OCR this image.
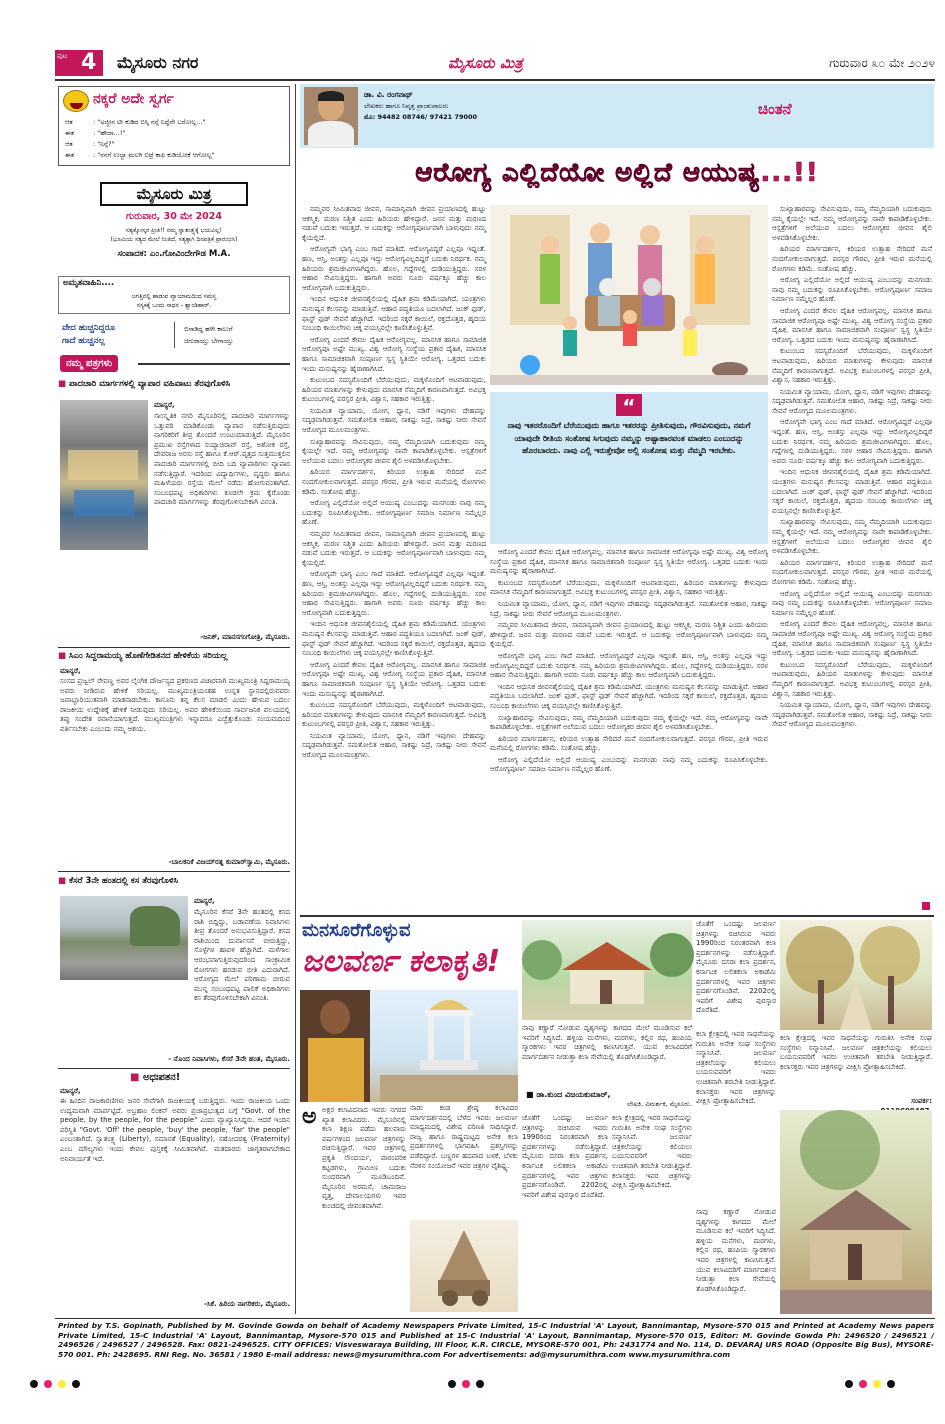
ಪುಟ 4 ಮೈಸೂರು ನಗರ	ಮೈಸೂರು ಮಿತ್ರ	ಗುರುವಾರ ೩೦ ಮೇ ೨೦೨೪
ನಕ್ಕರೆ ಅದೇ ಸ್ವರ್ಗ
ಆತ	: "ಅಜ್ಜೀನ ಟೀ ಕುಡಿದ ಬಿಸ್ಕಿ ನನ್ಗೆ ನಿದ್ದೆನೇ ಬರೋಲ್ಲ..."
ಈತ	: "ಹೌದಾ...!"
ಆತ	: "ನಿನ್ಗೆ?"
ಈತ	: "ನನಗೆ ಉಲ್ಟಾ ಮಲಗಿ ಬಿಟ್ರೆ ಕಾಫಿ ಕುಡಿಯೋಕೆ ಆಗೋಲ್ಲ"
ಮೈಸೂರು ಮಿತ್ರ
ಗುರುವಾರ, 30 ಮೇ 2024
ಸತ್ಯಕ್ಕೋಸ್ಕರ ಪ್ರೀತಿ!! ನಮ್ಮ ಸ್ವಾತಂತ್ರ್ಯಕ್ಕೆ ಭಯವಿಲ್ಲ!
(ಭೂಮಿಯ ಸತ್ಯದ ಮೇಲೆ ನಿಂತಿದೆ, ಸತ್ಯಕ್ಕಾಗಿ ದಿನಪತ್ರಿಕೆ ಪ್ರಾರಂಭಿಸಿ)
ಸಂಪಾದಕ: ಎಂ.ಗೋವಿಂದೇಗೌಡ M.A.
ಅಮೃತವಾಹಿನಿ....
ಜಗತ್ತಿನಲ್ಲಿ ಹಾಡುವ ವ್ಯಾಯಾಮದಿಂದ ಸಮಸ್ತ
ಸಸ್ಯಕಕ್ಕೆ ಒಂದು ಸಾಧನ - ಶ್ವಾಂಡಿಹಾರ್.
ವೇದ ಹುಚ್ಚನಿದ್ದರೂ
ಗಾದೆ ಹುಚ್ಚನಲ್ಲ
ಬಿಸಾಡಿದ್ದ ಹಳೇ ಕಾಲುಗೆ
ಚಿಗುರಾಯ್ತು ಬೇಗಾಯ್ತು
ನಮ್ಮ ಪತ್ರಗಳು
■ ಪಾದಚಾರಿ ಮಾರ್ಗಗಳಲ್ಲಿ ವ್ಯಾಪಾರ ವಹಿವಾಟು ತೆರವುಗೊಳಿಸಿ
ಮಾನ್ಯರೆ,
ಸಾಂಸ್ಕೃತಿಕ ನಗರಿ ಮೈಸೂರಿನಲ್ಲಿ ಪಾದಚಾರಿ ಮಾರ್ಗಗಳನ್ನು ಒತ್ತುವರಿ ಮಾಡಿಕೊಂಡು ವ್ಯಾಪಾರ ನಡೆಸುತ್ತಿರುವುದು ನಾಗರಿಕರಿಗೆ ತೀವ್ರ ತೊಂದರೆ ಉಂಟುಮಾಡುತ್ತಿದೆ. ಮೈಸೂರಿನ ಪ್ರಮುಖ ರಸ್ತೆಗಳಾದ ಸಯ್ಯಾಜಿರಾವ್ ರಸ್ತೆ, ಅಶೋಕ ರಸ್ತೆ, ದೇವರಾಜ ಅರಸು ರಸ್ತೆ ಹಾಗೂ ಕೆ.ಆರ್.ವೃತ್ತದ ಸುತ್ತಮುತ್ತಲಿನ ಪಾದಚಾರಿ ಮಾರ್ಗಗಳಲ್ಲಿ ಬೀದಿ ಬದಿ ವ್ಯಾಪಾರಿಗಳು ವ್ಯಾಪಾರ ನಡೆಸುತ್ತಿದ್ದಾರೆ. ಇದರಿಂದ ವಿದ್ಯಾರ್ಥಿಗಳು, ವೃದ್ಧರು ಹಾಗೂ ಮಹಿಳೆಯರು ರಸ್ತೆಯ ಮೇಲೆ ನಡೆದು ಹೋಗುವಂತಾಗಿದೆ. ಸಂಬಂಧಪಟ್ಟ ಅಧಿಕಾರಿಗಳು ಕೂಡಲೇ ಕ್ರಮ ಕೈಗೊಂಡು ಪಾದಚಾರಿ ಮಾರ್ಗಗಳನ್ನು ತೆರವುಗೊಳಿಸಬೇಕಾಗಿ ವಿನಂತಿ.
-ಜನಿಕ್, ಮಾನಸಗಂಗೋತ್ರಿ, ಮೈಸೂರು.
■ ಸಿಎಂ ಸಿದ್ದರಾಮಯ್ಯ ಹೊಣೆಗೇಡಿತನದ ಹೇಳಿಕೆಯ ಸರಿಯಲ್ಲ
ಮಾನ್ಯರೆ,
ಸಂಸದ ಪ್ರಜ್ವಲ್ ರೇವಣ್ಣ ಅವರ ಲೈಂಗಿಕ ದೌರ್ಜನ್ಯದ ಪ್ರಕರಣದ ವಿಚಾರವಾಗಿ ಮುಖ್ಯಮಂತ್ರಿ ಸಿದ್ದರಾಮಯ್ಯ ಅವರು ನೀಡಿರುವ ಹೇಳಿಕೆ ಸರಿಯಲ್ಲ. ಮುಖ್ಯಮಂತ್ರಿಯಂತಹ ಉನ್ನತ ಸ್ಥಾನದಲ್ಲಿರುವವರು ಜವಾಬ್ದಾರಿಯುತವಾಗಿ ಮಾತನಾಡಬೇಕು. ಕಾನೂನು ತನ್ನ ಕೆಲಸ ಮಾಡಲಿ ಎಂದು ಹೇಳುವ ಬದಲು ರಾಜಕೀಯ ಉದ್ದೇಶಕ್ಕೆ ಹೇಳಿಕೆ ನೀಡುವುದು ಸರಿಯಲ್ಲ. ಅವರ ಹೇಳಿಕೆಯಿಂದ ಸಾರ್ವಜನಿಕ ವಲಯದಲ್ಲಿ ತಪ್ಪು ಸಂದೇಶ ರವಾನೆಯಾಗುತ್ತದೆ. ಮುಖ್ಯಮಂತ್ರಿಗಳು ಇನ್ನಾದರೂ ಎಚ್ಚೆತ್ತುಕೊಂಡು ಸಂಯಮದಿಂದ ವರ್ತಿಸಬೇಕು ಎಂಬುದು ನಮ್ಮ ಆಶಯ.
-ಬಾಲಕನಿಕೆ ವಿಜಯ್‌ರತ್ನ ಕುಮಾರ್‌ಸ್ವಾಮಿ, ಮೈಸೂರು.
■ ಕೆಸರೆ 3ನೇ ಹಂತದಲ್ಲಿ ಕಸ ತೆರವುಗೊಳಿಸಿ
ಮಾನ್ಯರೆ,
ಮೈಸೂರಿನ ಕೆಸರೆ 3ನೇ ಹಂತದಲ್ಲಿ ಕಸದ ರಾಶಿ ಬಿದ್ದಿದ್ದು, ಬಡಾವಣೆಯ ನಿವಾಸಿಗಳು ತೀವ್ರ ತೊಂದರೆ ಅನುಭವಿಸುತ್ತಿದ್ದಾರೆ. ಕಸದ ರಾಶಿಯಿಂದ ದುರ್ವಾಸನೆ ಬೀರುತ್ತಿದ್ದು, ಸೊಳ್ಳೆಗಳ ಹಾವಳಿ ಹೆಚ್ಚಾಗಿದೆ. ಮಳೆಗಾಲ ಆರಂಭವಾಗುತ್ತಿರುವುದರಿಂದ ಸಾಂಕ್ರಾಮಿಕ ರೋಗಗಳು ಹರಡುವ ಭೀತಿ ಎದುರಾಗಿದೆ. ಆರೋಗ್ಯದ ಮೇಲೆ ಪರಿಣಾಮ ಬೀರುವ ಮುನ್ನ ಸಂಬಂಧಪಟ್ಟ ಪಾಲಿಕೆ ಅಧಿಕಾರಿಗಳು ಕಸ ತೆರವುಗೊಳಿಸಬೇಕಾಗಿ ವಿನಂತಿ.
- ನೊಂದ ನಿವಾಸಿಗಳು, ಕೆಸರೆ 3ನೇ ಹಂತ, ಮೈಸೂರು.
■ ಅಧಃಪತನ!
ಮಾನ್ಯರೆ,
ಈ ಹಿಂದಿನ ರಾಜಕಾರಣಿಗಳು ಜನರ ಸೇವೆಗಾಗಿ ರಾಜಕೀಯಕ್ಕೆ ಬರುತ್ತಿದ್ದರು. ಇಂದು ರಾಜಕೀಯ ಒಂದು ಉದ್ಯಮವಾಗಿ ಮಾರ್ಪಟ್ಟಿದೆ. ಅಬ್ರಹಾಂ ಲಿಂಕನ್ ಅವರು ಪ್ರಜಾಪ್ರಭುತ್ವದ ಬಗ್ಗೆ "Govt. of the people, by the people, for the people" ಎಂದು ವ್ಯಾಖ್ಯಾನಿಸಿದ್ದರು. ಆದರೆ ಇಂದಿನ ಪರಿಸ್ಥಿತಿ "Govt. 'Off' the people, 'buy' the people, 'far' the people" ಎಂಬಂತಾಗಿದೆ. ಸ್ವಾತಂತ್ರ್ಯ (Liberty), ಸಮಾನತೆ (Equality), ಸಹೋದರತ್ವ (Fraternity) ಎಂಬ ಮೌಲ್ಯಗಳು ಇಂದು ಕೇವಲ ಪುಸ್ತಕಕ್ಕೆ ಸೀಮಿತವಾಗಿವೆ. ಮತದಾರರು ಜಾಗೃತರಾಗಬೇಕಾದ ಅನಿವಾರ್ಯತೆ ಇದೆ.
-ಸಿಕೆ. ಹಿರಿಯ ನಾಗರಿಕರು, ಮೈಸೂರು.
ಡಾ. ವಿ. ರಂಗನಾಥ್
ಲೇಖಕರು ಹಾಗೂ ನಿವೃತ್ತ ಪ್ರಾಂಶುಪಾಲರು
ಮೊ: 94482 08746/ 97421 79000	ಚಿಂತನೆ
ಆರೋಗ್ಯ ಎಲ್ಲಿದೆಯೋ ಅಲ್ಲಿದೆ ಆಯುಷ್ಯ...!!

ನಮ್ಮವರ ಸೀಮಿತವಾದ ಜೀವನ, ಸಾಮಾನ್ಯವಾಗಿ ಜೀವನ ಪ್ರಯಾಣದಲ್ಲಿ ಹುಟ್ಟು ಆಕಸ್ಮಿಕ, ಮರಣ ನಿಶ್ಚಿತ ಎಂದು ಹಿರಿಯರು ಹೇಳಿದ್ದಾರೆ. ಜನನ ಮತ್ತು ಮರಣದ ನಡುವೆ ಬದುಕು ಇರುತ್ತದೆ. ಆ ಬದುಕನ್ನು ಆರೋಗ್ಯಪೂರ್ಣವಾಗಿ ಬಾಳುವುದು ನಮ್ಮ ಕೈಯಲ್ಲಿದೆ.

ಆರೋಗ್ಯವೇ ಭಾಗ್ಯ ಎಂಬ ಗಾದೆ ಮಾತಿದೆ. ಆರೋಗ್ಯವಿದ್ದರೆ ಎಲ್ಲವೂ ಇದ್ದಂತೆ. ಹಣ, ಆಸ್ತಿ, ಅಂತಸ್ತು ಎಲ್ಲವೂ ಇದ್ದು ಆರೋಗ್ಯವಿಲ್ಲದಿದ್ದರೆ ಬದುಕು ನಿರರ್ಥಕ. ನಮ್ಮ ಹಿರಿಯರು ಶ್ರಮಜೀವಿಗಳಾಗಿದ್ದರು. ಹೊಲ, ಗದ್ದೆಗಳಲ್ಲಿ ದುಡಿಯುತ್ತಿದ್ದರು. ಸರಳ ಆಹಾರ ಸೇವಿಸುತ್ತಿದ್ದರು. ಹಾಗಾಗಿ ಅವರು ನೂರು ವರ್ಷಕ್ಕೂ ಹೆಚ್ಚು ಕಾಲ ಆರೋಗ್ಯವಾಗಿ ಬದುಕುತ್ತಿದ್ದರು.

ಇಂದಿನ ಆಧುನಿಕ ಜೀವನಶೈಲಿಯಲ್ಲಿ ದೈಹಿಕ ಶ್ರಮ ಕಡಿಮೆಯಾಗಿದೆ. ಯಂತ್ರಗಳು ಮನುಷ್ಯನ ಕೆಲಸವನ್ನು ಮಾಡುತ್ತಿವೆ. ಆಹಾರ ಪದ್ಧತಿಯೂ ಬದಲಾಗಿದೆ. ಜಂಕ್ ಫುಡ್, ಫಾಸ್ಟ್ ಫುಡ್ ಸೇವನೆ ಹೆಚ್ಚಾಗಿದೆ. ಇದರಿಂದ ಸಕ್ಕರೆ ಕಾಯಿಲೆ, ರಕ್ತದೊತ್ತಡ, ಹೃದಯ ಸಂಬಂಧಿ ಕಾಯಿಲೆಗಳು ಚಿಕ್ಕ ವಯಸ್ಸಿನಲ್ಲೇ ಕಾಣಿಸಿಕೊಳ್ಳುತ್ತಿವೆ.

ಆರೋಗ್ಯ ಎಂದರೆ ಕೇವಲ ದೈಹಿಕ ಆರೋಗ್ಯವಲ್ಲ. ಮಾನಸಿಕ ಹಾಗೂ ಸಾಮಾಜಿಕ ಆರೋಗ್ಯವೂ ಅಷ್ಟೇ ಮುಖ್ಯ. ವಿಶ್ವ ಆರೋಗ್ಯ ಸಂಸ್ಥೆಯ ಪ್ರಕಾರ ದೈಹಿಕ, ಮಾನಸಿಕ ಹಾಗೂ ಸಾಮಾಜಿಕವಾಗಿ ಸಂಪೂರ್ಣ ಸ್ವಸ್ಥ ಸ್ಥಿತಿಯೇ ಆರೋಗ್ಯ. ಒತ್ತಡದ ಬದುಕು ಇಂದು ಮನುಷ್ಯನನ್ನು ಹೈರಾಣಾಗಿಸಿದೆ.

ಕುಟುಂಬದ ಸದಸ್ಯರೊಂದಿಗೆ ಬೆರೆಯುವುದು, ಮಕ್ಕಳೊಂದಿಗೆ ಆಟವಾಡುವುದು, ಹಿರಿಯರ ಮಾತುಗಳನ್ನು ಕೇಳುವುದು ಮಾನಸಿಕ ನೆಮ್ಮದಿಗೆ ಕಾರಣವಾಗುತ್ತದೆ. ಅವಿಭಕ್ತ ಕುಟುಂಬಗಳಲ್ಲಿ ಪರಸ್ಪರ ಪ್ರೀತಿ, ವಿಶ್ವಾಸ, ಸಹಕಾರ ಇರುತ್ತಿತ್ತು.

ನಿಯಮಿತ ವ್ಯಾಯಾಮ, ಯೋಗ, ಧ್ಯಾನ, ನಡಿಗೆ ಇವುಗಳು ದೇಹವನ್ನು ಸದೃಢವಾಗಿಡುತ್ತವೆ. ಸಮತೋಲಿತ ಆಹಾರ, ಸಾಕಷ್ಟು ನಿದ್ರೆ, ಸಾಕಷ್ಟು ನೀರು ಸೇವನೆ ಆರೋಗ್ಯದ ಮೂಲಮಂತ್ರಗಳು.

ಸುಖ್ಯಾಹಾರವನ್ನು ಸೇವಿಸುವುದು, ನಮ್ಮ ನೆಮ್ಮದಿಯಾಗಿ ಬದುಕುವುದು ನಮ್ಮ ಕೈಯಲ್ಲೇ ಇದೆ. ನಮ್ಮ ಆರೋಗ್ಯವನ್ನು ನಾವೇ ಕಾಪಾಡಿಕೊಳ್ಳಬೇಕು. ಆಸ್ಪತ್ರೆಗಳಿಗೆ ಅಲೆಯುವ ಬದಲು ಆರೋಗ್ಯಕರ ಜೀವನ ಶೈಲಿ ಅಳವಡಿಸಿಕೊಳ್ಳಬೇಕು.

ಹಿರಿಯರ ಮಾರ್ಗದರ್ಶನ, ಕಿರಿಯರ ಉತ್ಸಾಹ ಸೇರಿದರೆ ಮನೆ ನಂದಗೋಕುಲವಾಗುತ್ತದೆ. ಪರಸ್ಪರ ಗೌರವ, ಪ್ರೀತಿ ಇರುವ ಮನೆಯಲ್ಲಿ ರೋಗಗಳು ಕಡಿಮೆ. ಸಂತೋಷ ಹೆಚ್ಚು.

ಆರೋಗ್ಯ ಎಲ್ಲಿದೆಯೋ ಅಲ್ಲಿದೆ ಆಯುಷ್ಯ ಎಂಬುದನ್ನು ಮನಗಂಡು ನಾವು ನಮ್ಮ ಬದುಕನ್ನು ರೂಪಿಸಿಕೊಳ್ಳಬೇಕು. ಆರೋಗ್ಯಪೂರ್ಣ ಸಮಾಜ ನಿರ್ಮಾಣ ನಮ್ಮೆಲ್ಲರ ಹೊಣೆ.

ನಮ್ಮವರ ಸೀಮಿತವಾದ ಜೀವನ, ಸಾಮಾನ್ಯವಾಗಿ ಜೀವನ ಪ್ರಯಾಣದಲ್ಲಿ ಹುಟ್ಟು ಆಕಸ್ಮಿಕ, ಮರಣ ನಿಶ್ಚಿತ ಎಂದು ಹಿರಿಯರು ಹೇಳಿದ್ದಾರೆ. ಜನನ ಮತ್ತು ಮರಣದ ನಡುವೆ ಬದುಕು ಇರುತ್ತದೆ. ಆ ಬದುಕನ್ನು ಆರೋಗ್ಯಪೂರ್ಣವಾಗಿ ಬಾಳುವುದು ನಮ್ಮ ಕೈಯಲ್ಲಿದೆ.

ಆರೋಗ್ಯವೇ ಭಾಗ್ಯ ಎಂಬ ಗಾದೆ ಮಾತಿದೆ. ಆರೋಗ್ಯವಿದ್ದರೆ ಎಲ್ಲವೂ ಇದ್ದಂತೆ. ಹಣ, ಆಸ್ತಿ, ಅಂತಸ್ತು ಎಲ್ಲವೂ ಇದ್ದು ಆರೋಗ್ಯವಿಲ್ಲದಿದ್ದರೆ ಬದುಕು ನಿರರ್ಥಕ. ನಮ್ಮ ಹಿರಿಯರು ಶ್ರಮಜೀವಿಗಳಾಗಿದ್ದರು. ಹೊಲ, ಗದ್ದೆಗಳಲ್ಲಿ ದುಡಿಯುತ್ತಿದ್ದರು. ಸರಳ ಆಹಾರ ಸೇವಿಸುತ್ತಿದ್ದರು. ಹಾಗಾಗಿ ಅವರು ನೂರು ವರ್ಷಕ್ಕೂ ಹೆಚ್ಚು ಕಾಲ ಆರೋಗ್ಯವಾಗಿ ಬದುಕುತ್ತಿದ್ದರು.

ಇಂದಿನ ಆಧುನಿಕ ಜೀವನಶೈಲಿಯಲ್ಲಿ ದೈಹಿಕ ಶ್ರಮ ಕಡಿಮೆಯಾಗಿದೆ. ಯಂತ್ರಗಳು ಮನುಷ್ಯನ ಕೆಲಸವನ್ನು ಮಾಡುತ್ತಿವೆ. ಆಹಾರ ಪದ್ಧತಿಯೂ ಬದಲಾಗಿದೆ. ಜಂಕ್ ಫುಡ್, ಫಾಸ್ಟ್ ಫುಡ್ ಸೇವನೆ ಹೆಚ್ಚಾಗಿದೆ. ಇದರಿಂದ ಸಕ್ಕರೆ ಕಾಯಿಲೆ, ರಕ್ತದೊತ್ತಡ, ಹೃದಯ ಸಂಬಂಧಿ ಕಾಯಿಲೆಗಳು ಚಿಕ್ಕ ವಯಸ್ಸಿನಲ್ಲೇ ಕಾಣಿಸಿಕೊಳ್ಳುತ್ತಿವೆ.

ಆರೋಗ್ಯ ಎಂದರೆ ಕೇವಲ ದೈಹಿಕ ಆರೋಗ್ಯವಲ್ಲ. ಮಾನಸಿಕ ಹಾಗೂ ಸಾಮಾಜಿಕ ಆರೋಗ್ಯವೂ ಅಷ್ಟೇ ಮುಖ್ಯ. ವಿಶ್ವ ಆರೋಗ್ಯ ಸಂಸ್ಥೆಯ ಪ್ರಕಾರ ದೈಹಿಕ, ಮಾನಸಿಕ ಹಾಗೂ ಸಾಮಾಜಿಕವಾಗಿ ಸಂಪೂರ್ಣ ಸ್ವಸ್ಥ ಸ್ಥಿತಿಯೇ ಆರೋಗ್ಯ. ಒತ್ತಡದ ಬದುಕು ಇಂದು ಮನುಷ್ಯನನ್ನು ಹೈರಾಣಾಗಿಸಿದೆ.

ಕುಟುಂಬದ ಸದಸ್ಯರೊಂದಿಗೆ ಬೆರೆಯುವುದು, ಮಕ್ಕಳೊಂದಿಗೆ ಆಟವಾಡುವುದು, ಹಿರಿಯರ ಮಾತುಗಳನ್ನು ಕೇಳುವುದು ಮಾನಸಿಕ ನೆಮ್ಮದಿಗೆ ಕಾರಣವಾಗುತ್ತದೆ. ಅವಿಭಕ್ತ ಕುಟುಂಬಗಳಲ್ಲಿ ಪರಸ್ಪರ ಪ್ರೀತಿ, ವಿಶ್ವಾಸ, ಸಹಕಾರ ಇರುತ್ತಿತ್ತು.

ನಿಯಮಿತ ವ್ಯಾಯಾಮ, ಯೋಗ, ಧ್ಯಾನ, ನಡಿಗೆ ಇವುಗಳು ದೇಹವನ್ನು ಸದೃಢವಾಗಿಡುತ್ತವೆ. ಸಮತೋಲಿತ ಆಹಾರ, ಸಾಕಷ್ಟು ನಿದ್ರೆ, ಸಾಕಷ್ಟು ನೀರು ಸೇವನೆ ಆರೋಗ್ಯದ ಮೂಲಮಂತ್ರಗಳು.

ಸುಖ್ಯಾಹಾರವನ್ನು ಸೇವಿಸುವುದು, ನಮ್ಮ ನೆಮ್ಮದಿಯಾಗಿ ಬದುಕುವುದು ನಮ್ಮ ಕೈಯಲ್ಲೇ ಇದೆ. ನಮ್ಮ ಆರೋಗ್ಯವನ್ನು ನಾವೇ ಕಾಪಾಡಿಕೊಳ್ಳಬೇಕು. ಆಸ್ಪತ್ರೆಗಳಿಗೆ ಅಲೆಯುವ ಬದಲು ಆರೋಗ್ಯಕರ ಜೀವನ ಶೈಲಿ ಅಳವಡಿಸಿಕೊಳ್ಳಬೇಕು.

ಹಿರಿಯರ ಮಾರ್ಗದರ್ಶನ, ಕಿರಿಯರ ಉತ್ಸಾಹ ಸೇರಿದರೆ ಮನೆ ನಂದಗೋಕುಲವಾಗುತ್ತದೆ. ಪರಸ್ಪರ ಗೌರವ, ಪ್ರೀತಿ ಇರುವ ಮನೆಯಲ್ಲಿ ರೋಗಗಳು ಕಡಿಮೆ. ಸಂತೋಷ ಹೆಚ್ಚು.

ಆರೋಗ್ಯ ಎಲ್ಲಿದೆಯೋ ಅಲ್ಲಿದೆ ಆಯುಷ್ಯ ಎಂಬುದನ್ನು ಮನಗಂಡು ನಾವು ನಮ್ಮ ಬದುಕನ್ನು ರೂಪಿಸಿಕೊಳ್ಳಬೇಕು. ಆರೋಗ್ಯಪೂರ್ಣ ಸಮಾಜ ನಿರ್ಮಾಣ ನಮ್ಮೆಲ್ಲರ ಹೊಣೆ.

ಆರೋಗ್ಯ ಎಂದರೆ ಕೇವಲ ದೈಹಿಕ ಆರೋಗ್ಯವಲ್ಲ. ಮಾನಸಿಕ ಹಾಗೂ ಸಾಮಾಜಿಕ ಆರೋಗ್ಯವೂ ಅಷ್ಟೇ ಮುಖ್ಯ. ವಿಶ್ವ ಆರೋಗ್ಯ ಸಂಸ್ಥೆಯ ಪ್ರಕಾರ ದೈಹಿಕ, ಮಾನಸಿಕ ಹಾಗೂ ಸಾಮಾಜಿಕವಾಗಿ ಸಂಪೂರ್ಣ ಸ್ವಸ್ಥ ಸ್ಥಿತಿಯೇ ಆರೋಗ್ಯ. ಒತ್ತಡದ ಬದುಕು ಇಂದು ಮನುಷ್ಯನನ್ನು ಹೈರಾಣಾಗಿಸಿದೆ.

ಕುಟುಂಬದ ಸದಸ್ಯರೊಂದಿಗೆ ಬೆರೆಯುವುದು, ಮಕ್ಕಳೊಂದಿಗೆ ಆಟವಾಡುವುದು, ಹಿರಿಯರ ಮಾತುಗಳನ್ನು ಕೇಳುವುದು ಮಾನಸಿಕ ನೆಮ್ಮದಿಗೆ ಕಾರಣವಾಗುತ್ತದೆ. ಅವಿಭಕ್ತ ಕುಟುಂಬಗಳಲ್ಲಿ ಪರಸ್ಪರ ಪ್ರೀತಿ, ವಿಶ್ವಾಸ, ಸಹಕಾರ ಇರುತ್ತಿತ್ತು.

ನಿಯಮಿತ ವ್ಯಾಯಾಮ, ಯೋಗ, ಧ್ಯಾನ, ನಡಿಗೆ ಇವುಗಳು ದೇಹವನ್ನು ಸದೃಢವಾಗಿಡುತ್ತವೆ. ಸಮತೋಲಿತ ಆಹಾರ, ಸಾಕಷ್ಟು ನಿದ್ರೆ, ಸಾಕಷ್ಟು ನೀರು ಸೇವನೆ ಆರೋಗ್ಯದ ಮೂಲಮಂತ್ರಗಳು.

ಆರೋಗ್ಯವೇ ಭಾಗ್ಯ ಎಂಬ ಗಾದೆ ಮಾತಿದೆ. ಆರೋಗ್ಯವಿದ್ದರೆ ಎಲ್ಲವೂ ಇದ್ದಂತೆ. ಹಣ, ಆಸ್ತಿ, ಅಂತಸ್ತು ಎಲ್ಲವೂ ಇದ್ದು ಆರೋಗ್ಯವಿಲ್ಲದಿದ್ದರೆ ಬದುಕು ನಿರರ್ಥಕ. ನಮ್ಮ ಹಿರಿಯರು ಶ್ರಮಜೀವಿಗಳಾಗಿದ್ದರು. ಹೊಲ, ಗದ್ದೆಗಳಲ್ಲಿ ದುಡಿಯುತ್ತಿದ್ದರು. ಸರಳ ಆಹಾರ ಸೇವಿಸುತ್ತಿದ್ದರು. ಹಾಗಾಗಿ ಅವರು ನೂರು ವರ್ಷಕ್ಕೂ ಹೆಚ್ಚು ಕಾಲ ಆರೋಗ್ಯವಾಗಿ ಬದುಕುತ್ತಿದ್ದರು.

ಇಂದಿನ ಆಧುನಿಕ ಜೀವನಶೈಲಿಯಲ್ಲಿ ದೈಹಿಕ ಶ್ರಮ ಕಡಿಮೆಯಾಗಿದೆ. ಯಂತ್ರಗಳು ಮನುಷ್ಯನ ಕೆಲಸವನ್ನು ಮಾಡುತ್ತಿವೆ. ಆಹಾರ ಪದ್ಧತಿಯೂ ಬದಲಾಗಿದೆ. ಜಂಕ್ ಫುಡ್, ಫಾಸ್ಟ್ ಫುಡ್ ಸೇವನೆ ಹೆಚ್ಚಾಗಿದೆ. ಇದರಿಂದ ಸಕ್ಕರೆ ಕಾಯಿಲೆ, ರಕ್ತದೊತ್ತಡ, ಹೃದಯ ಸಂಬಂಧಿ ಕಾಯಿಲೆಗಳು ಚಿಕ್ಕ ವಯಸ್ಸಿನಲ್ಲೇ ಕಾಣಿಸಿಕೊಳ್ಳುತ್ತಿವೆ.

ಸುಖ್ಯಾಹಾರವನ್ನು ಸೇವಿಸುವುದು, ನಮ್ಮ ನೆಮ್ಮದಿಯಾಗಿ ಬದುಕುವುದು ನಮ್ಮ ಕೈಯಲ್ಲೇ ಇದೆ. ನಮ್ಮ ಆರೋಗ್ಯವನ್ನು ನಾವೇ ಕಾಪಾಡಿಕೊಳ್ಳಬೇಕು. ಆಸ್ಪತ್ರೆಗಳಿಗೆ ಅಲೆಯುವ ಬದಲು ಆರೋಗ್ಯಕರ ಜೀವನ ಶೈಲಿ ಅಳವಡಿಸಿಕೊಳ್ಳಬೇಕು.

ಹಿರಿಯರ ಮಾರ್ಗದರ್ಶನ, ಕಿರಿಯರ ಉತ್ಸಾಹ ಸೇರಿದರೆ ಮನೆ ನಂದಗೋಕುಲವಾಗುತ್ತದೆ. ಪರಸ್ಪರ ಗೌರವ, ಪ್ರೀತಿ ಇರುವ ಮನೆಯಲ್ಲಿ ರೋಗಗಳು ಕಡಿಮೆ. ಸಂತೋಷ ಹೆಚ್ಚು.

ಆರೋಗ್ಯ ಎಲ್ಲಿದೆಯೋ ಅಲ್ಲಿದೆ ಆಯುಷ್ಯ ಎಂಬುದನ್ನು ಮನಗಂಡು ನಾವು ನಮ್ಮ ಬದುಕನ್ನು ರೂಪಿಸಿಕೊಳ್ಳಬೇಕು. ಆರೋಗ್ಯಪೂರ್ಣ ಸಮಾಜ ನಿರ್ಮಾಣ ನಮ್ಮೆಲ್ಲರ ಹೊಣೆ.

ಆರೋಗ್ಯ ಎಂದರೆ ಕೇವಲ ದೈಹಿಕ ಆರೋಗ್ಯವಲ್ಲ. ಮಾನಸಿಕ ಹಾಗೂ ಸಾಮಾಜಿಕ ಆರೋಗ್ಯವೂ ಅಷ್ಟೇ ಮುಖ್ಯ. ವಿಶ್ವ ಆರೋಗ್ಯ ಸಂಸ್ಥೆಯ ಪ್ರಕಾರ ದೈಹಿಕ, ಮಾನಸಿಕ ಹಾಗೂ ಸಾಮಾಜಿಕವಾಗಿ ಸಂಪೂರ್ಣ ಸ್ವಸ್ಥ ಸ್ಥಿತಿಯೇ ಆರೋಗ್ಯ. ಒತ್ತಡದ ಬದುಕು ಇಂದು ಮನುಷ್ಯನನ್ನು ಹೈರಾಣಾಗಿಸಿದೆ.

ಕುಟುಂಬದ ಸದಸ್ಯರೊಂದಿಗೆ ಬೆರೆಯುವುದು, ಮಕ್ಕಳೊಂದಿಗೆ ಆಟವಾಡುವುದು, ಹಿರಿಯರ ಮಾತುಗಳನ್ನು ಕೇಳುವುದು ಮಾನಸಿಕ ನೆಮ್ಮದಿಗೆ ಕಾರಣವಾಗುತ್ತದೆ. ಅವಿಭಕ್ತ ಕುಟುಂಬಗಳಲ್ಲಿ ಪರಸ್ಪರ ಪ್ರೀತಿ, ವಿಶ್ವಾಸ, ಸಹಕಾರ ಇರುತ್ತಿತ್ತು.

ನಿಯಮಿತ ವ್ಯಾಯಾಮ, ಯೋಗ, ಧ್ಯಾನ, ನಡಿಗೆ ಇವುಗಳು ದೇಹವನ್ನು ಸದೃಢವಾಗಿಡುತ್ತವೆ. ಸಮತೋಲಿತ ಆಹಾರ, ಸಾಕಷ್ಟು ನಿದ್ರೆ, ಸಾಕಷ್ಟು ನೀರು ಸೇವನೆ ಆರೋಗ್ಯದ ಮೂಲಮಂತ್ರಗಳು.

“
ನಾವು ಇತರರೊಂದಿಗೆ ಬೆರೆಯುವುದು ಹಾಗೂ ಇತರರನ್ನು ಪ್ರೀತಿಸುವುದು, ಗೌರವಿಸುವುದು, ನಮಗೆ ಯಾವುದೇ ರೀತಿಯ ಸಂತೋಷ ಸಿಗುವುದು ನಮ್ಮನ್ನು ಅಷ್ಟಾಹಾರವಂತ ಮಾಡಲು ಎಂಬುದನ್ನು ಹೊರಬಾರದು. ನಾವು ಎಲ್ಲಿ ಇರುತ್ತೇವೋ ಅಲ್ಲಿ ಸಂತೋಷ ಮತ್ತು ನೆಮ್ಮದಿ ಇರಬೇಕು.

ಆರೋಗ್ಯ ಎಂದರೆ ಕೇವಲ ದೈಹಿಕ ಆರೋಗ್ಯವಲ್ಲ. ಮಾನಸಿಕ ಹಾಗೂ ಸಾಮಾಜಿಕ ಆರೋಗ್ಯವೂ ಅಷ್ಟೇ ಮುಖ್ಯ. ವಿಶ್ವ ಆರೋಗ್ಯ ಸಂಸ್ಥೆಯ ಪ್ರಕಾರ ದೈಹಿಕ, ಮಾನಸಿಕ ಹಾಗೂ ಸಾಮಾಜಿಕವಾಗಿ ಸಂಪೂರ್ಣ ಸ್ವಸ್ಥ ಸ್ಥಿತಿಯೇ ಆರೋಗ್ಯ. ಒತ್ತಡದ ಬದುಕು ಇಂದು ಮನುಷ್ಯನನ್ನು ಹೈರಾಣಾಗಿಸಿದೆ.

ಕುಟುಂಬದ ಸದಸ್ಯರೊಂದಿಗೆ ಬೆರೆಯುವುದು, ಮಕ್ಕಳೊಂದಿಗೆ ಆಟವಾಡುವುದು, ಹಿರಿಯರ ಮಾತುಗಳನ್ನು ಕೇಳುವುದು ಮಾನಸಿಕ ನೆಮ್ಮದಿಗೆ ಕಾರಣವಾಗುತ್ತದೆ. ಅವಿಭಕ್ತ ಕುಟುಂಬಗಳಲ್ಲಿ ಪರಸ್ಪರ ಪ್ರೀತಿ, ವಿಶ್ವಾಸ, ಸಹಕಾರ ಇರುತ್ತಿತ್ತು.

ನಿಯಮಿತ ವ್ಯಾಯಾಮ, ಯೋಗ, ಧ್ಯಾನ, ನಡಿಗೆ ಇವುಗಳು ದೇಹವನ್ನು ಸದೃಢವಾಗಿಡುತ್ತವೆ. ಸಮತೋಲಿತ ಆಹಾರ, ಸಾಕಷ್ಟು ನಿದ್ರೆ, ಸಾಕಷ್ಟು ನೀರು ಸೇವನೆ ಆರೋಗ್ಯದ ಮೂಲಮಂತ್ರಗಳು.

ನಮ್ಮವರ ಸೀಮಿತವಾದ ಜೀವನ, ಸಾಮಾನ್ಯವಾಗಿ ಜೀವನ ಪ್ರಯಾಣದಲ್ಲಿ ಹುಟ್ಟು ಆಕಸ್ಮಿಕ, ಮರಣ ನಿಶ್ಚಿತ ಎಂದು ಹಿರಿಯರು ಹೇಳಿದ್ದಾರೆ. ಜನನ ಮತ್ತು ಮರಣದ ನಡುವೆ ಬದುಕು ಇರುತ್ತದೆ. ಆ ಬದುಕನ್ನು ಆರೋಗ್ಯಪೂರ್ಣವಾಗಿ ಬಾಳುವುದು ನಮ್ಮ ಕೈಯಲ್ಲಿದೆ.

ಆರೋಗ್ಯವೇ ಭಾಗ್ಯ ಎಂಬ ಗಾದೆ ಮಾತಿದೆ. ಆರೋಗ್ಯವಿದ್ದರೆ ಎಲ್ಲವೂ ಇದ್ದಂತೆ. ಹಣ, ಆಸ್ತಿ, ಅಂತಸ್ತು ಎಲ್ಲವೂ ಇದ್ದು ಆರೋಗ್ಯವಿಲ್ಲದಿದ್ದರೆ ಬದುಕು ನಿರರ್ಥಕ. ನಮ್ಮ ಹಿರಿಯರು ಶ್ರಮಜೀವಿಗಳಾಗಿದ್ದರು. ಹೊಲ, ಗದ್ದೆಗಳಲ್ಲಿ ದುಡಿಯುತ್ತಿದ್ದರು. ಸರಳ ಆಹಾರ ಸೇವಿಸುತ್ತಿದ್ದರು. ಹಾಗಾಗಿ ಅವರು ನೂರು ವರ್ಷಕ್ಕೂ ಹೆಚ್ಚು ಕಾಲ ಆರೋಗ್ಯವಾಗಿ ಬದುಕುತ್ತಿದ್ದರು.

ಇಂದಿನ ಆಧುನಿಕ ಜೀವನಶೈಲಿಯಲ್ಲಿ ದೈಹಿಕ ಶ್ರಮ ಕಡಿಮೆಯಾಗಿದೆ. ಯಂತ್ರಗಳು ಮನುಷ್ಯನ ಕೆಲಸವನ್ನು ಮಾಡುತ್ತಿವೆ. ಆಹಾರ ಪದ್ಧತಿಯೂ ಬದಲಾಗಿದೆ. ಜಂಕ್ ಫುಡ್, ಫಾಸ್ಟ್ ಫುಡ್ ಸೇವನೆ ಹೆಚ್ಚಾಗಿದೆ. ಇದರಿಂದ ಸಕ್ಕರೆ ಕಾಯಿಲೆ, ರಕ್ತದೊತ್ತಡ, ಹೃದಯ ಸಂಬಂಧಿ ಕಾಯಿಲೆಗಳು ಚಿಕ್ಕ ವಯಸ್ಸಿನಲ್ಲೇ ಕಾಣಿಸಿಕೊಳ್ಳುತ್ತಿವೆ.

ಸುಖ್ಯಾಹಾರವನ್ನು ಸೇವಿಸುವುದು, ನಮ್ಮ ನೆಮ್ಮದಿಯಾಗಿ ಬದುಕುವುದು ನಮ್ಮ ಕೈಯಲ್ಲೇ ಇದೆ. ನಮ್ಮ ಆರೋಗ್ಯವನ್ನು ನಾವೇ ಕಾಪಾಡಿಕೊಳ್ಳಬೇಕು. ಆಸ್ಪತ್ರೆಗಳಿಗೆ ಅಲೆಯುವ ಬದಲು ಆರೋಗ್ಯಕರ ಜೀವನ ಶೈಲಿ ಅಳವಡಿಸಿಕೊಳ್ಳಬೇಕು.

ಹಿರಿಯರ ಮಾರ್ಗದರ್ಶನ, ಕಿರಿಯರ ಉತ್ಸಾಹ ಸೇರಿದರೆ ಮನೆ ನಂದಗೋಕುಲವಾಗುತ್ತದೆ. ಪರಸ್ಪರ ಗೌರವ, ಪ್ರೀತಿ ಇರುವ ಮನೆಯಲ್ಲಿ ರೋಗಗಳು ಕಡಿಮೆ. ಸಂತೋಷ ಹೆಚ್ಚು.

ಆರೋಗ್ಯ ಎಲ್ಲಿದೆಯೋ ಅಲ್ಲಿದೆ ಆಯುಷ್ಯ ಎಂಬುದನ್ನು ಮನಗಂಡು ನಾವು ನಮ್ಮ ಬದುಕನ್ನು ರೂಪಿಸಿಕೊಳ್ಳಬೇಕು. ಆರೋಗ್ಯಪೂರ್ಣ ಸಮಾಜ ನಿರ್ಮಾಣ ನಮ್ಮೆಲ್ಲರ ಹೊಣೆ.

ಮನಸೂರೆಗೊಳ್ಳುವ
ಜಲವರ್ಣ ಕಲಾಕೃತಿ!
ಅ ಅಕ್ಷರ ಕಲಾವಿದನಾದ ಇವರು ನಗರದ ಖ್ಯಾತ ಕಲಾವಿದರು. ಮೈಸೂರಿನಲ್ಲಿ ಕಲಾ ಶಿಕ್ಷಣ ಪಡೆದು ಹಲವಾರು ವರ್ಷಗಳಿಂದ ಜಲವರ್ಣ ಚಿತ್ರಗಳನ್ನು ರಚಿಸುತ್ತಿದ್ದಾರೆ. ಇವರ ಚಿತ್ರಗಳಲ್ಲಿ ಪ್ರಕೃತಿ ಸೌಂದರ್ಯ, ಪಾರಂಪರಿಕ ಕಟ್ಟಡಗಳು, ಗ್ರಾಮೀಣ ಬದುಕು ಸುಂದರವಾಗಿ ಮೂಡಿಬಂದಿವೆ. ಮೈಸೂರಿನ ಅರಮನೆ, ಚಾಮರಾಜ ವೃತ್ತ, ದೇವಾಲಯಗಳು ಇವರ ಕುಂಚದಲ್ಲಿ ಜೀವಂತವಾಗಿವೆ.
ನಾಡು ಕಂಡ ಶ್ರೇಷ್ಠ ಕಲಾವಿದರ ಮಾರ್ಗದರ್ಶನದಲ್ಲಿ ಬೆಳೆದ ಇವರು ಜಲವರ್ಣ ಮಾಧ್ಯಮದಲ್ಲಿ ವಿಶೇಷ ಪರಿಣತಿ ಸಾಧಿಸಿದ್ದಾರೆ. ರಾಜ್ಯ ಹಾಗೂ ರಾಷ್ಟ್ರಮಟ್ಟದ ಅನೇಕ ಕಲಾ ಪ್ರದರ್ಶನಗಳಲ್ಲಿ ಭಾಗವಹಿಸಿ ಪ್ರಶಸ್ತಿಗಳನ್ನು ಪಡೆದಿದ್ದಾರೆ. ಬಣ್ಣಗಳ ಹದವಾದ ಬಳಕೆ, ಬೆಳಕು ನೆರಳಿನ ಸಂಯೋಜನೆ ಇವರ ಚಿತ್ರಗಳ ವೈಶಿಷ್ಟ್ಯ.
ನಾವು ಕಣ್ಣಾರೆ ನೋಡುವ ದೃಶ್ಯಗಳನ್ನು ಕಾಗದದ ಮೇಲೆ ಮೂಡಿಸುವ ಕಲೆ ಇವರಿಗೆ ಸಿದ್ಧಿಸಿದೆ. ಹಳ್ಳಿಯ ಮನೆಗಳು, ಮರಗಳು, ಕಲ್ಲಿನ ರಥ, ಹಂಪಿಯ ಸ್ಮಾರಕಗಳು ಇವರ ಚಿತ್ರಗಳಲ್ಲಿ ಕಾಣಸಿಗುತ್ತವೆ. ಯುವ ಕಲಾವಿದರಿಗೆ ಮಾರ್ಗದರ್ಶನ ನೀಡುತ್ತಾ ಕಲಾ ಸೇವೆಯಲ್ಲಿ ತೊಡಗಿಸಿಕೊಂಡಿದ್ದಾರೆ.
■ ಡಾ.ಕುಂದ ವಿಜಯಕುಮಾರ್,
ಲೇಖಕಿ, ವಿಮರ್ಶಕಿ, ಮೈಸೂರು.
ಜೊತೆಗೆ ಒಂದಷ್ಟು ಜಲವರ್ಣ ಚಿತ್ರಗಳನ್ನು ರಚಿಸಿರುವ ಇವರು 1990ರಿಂದ ನಿರಂತರವಾಗಿ ಕಲಾ ಪ್ರದರ್ಶನಗಳನ್ನು ನಡೆಸುತ್ತಿದ್ದಾರೆ. ಮೈಸೂರು ದಸರಾ ಕಲಾ ಪ್ರದರ್ಶನ, ಕರ್ನಾಟಕ ಲಲಿತಕಲಾ ಅಕಾಡೆಮಿ ಪ್ರದರ್ಶನಗಳಲ್ಲಿ ಇವರ ಚಿತ್ರಗಳು ಪ್ರದರ್ಶನಗೊಂಡಿವೆ. 2202ರಲ್ಲಿ ಇವರಿಗೆ ವಿಶೇಷ ಪುರಸ್ಕಾರ ದೊರೆತಿದೆ.
ಕಲಾ ಕ್ಷೇತ್ರದಲ್ಲಿ ಇವರ ಸಾಧನೆಯನ್ನು ಗುರುತಿಸಿ ಅನೇಕ ಸಂಘ ಸಂಸ್ಥೆಗಳು ಸನ್ಮಾನಿಸಿವೆ. ಜಲವರ್ಣ ಚಿತ್ರಕಲೆಯನ್ನು ಕಲಿಯಲು ಬಯಸುವವರಿಗೆ ಇವರು ಉಚಿತವಾಗಿ ತರಬೇತಿ ನೀಡುತ್ತಿದ್ದಾರೆ. ಕಲಾಸಕ್ತರು ಇವರ ಚಿತ್ರಗಳನ್ನು ವೀಕ್ಷಿಸಿ ಪ್ರೋತ್ಸಾಹಿಸಬೇಕಿದೆ.
ಜೊತೆಗೆ ಒಂದಷ್ಟು ಜಲವರ್ಣ ಚಿತ್ರಗಳನ್ನು ರಚಿಸಿರುವ ಇವರು 1990ರಿಂದ ನಿರಂತರವಾಗಿ ಕಲಾ ಪ್ರದರ್ಶನಗಳನ್ನು ನಡೆಸುತ್ತಿದ್ದಾರೆ. ಮೈಸೂರು ದಸರಾ ಕಲಾ ಪ್ರದರ್ಶನ, ಕರ್ನಾಟಕ ಲಲಿತಕಲಾ ಅಕಾಡೆಮಿ ಪ್ರದರ್ಶನಗಳಲ್ಲಿ ಇವರ ಚಿತ್ರಗಳು ಪ್ರದರ್ಶನಗೊಂಡಿವೆ. 2202ರಲ್ಲಿ ಇವರಿಗೆ ವಿಶೇಷ ಪುರಸ್ಕಾರ ದೊರೆತಿದೆ.
ಕಲಾ ಕ್ಷೇತ್ರದಲ್ಲಿ ಇವರ ಸಾಧನೆಯನ್ನು ಗುರುತಿಸಿ ಅನೇಕ ಸಂಘ ಸಂಸ್ಥೆಗಳು ಸನ್ಮಾನಿಸಿವೆ. ಜಲವರ್ಣ ಚಿತ್ರಕಲೆಯನ್ನು ಕಲಿಯಲು ಬಯಸುವವರಿಗೆ ಇವರು ಉಚಿತವಾಗಿ ತರಬೇತಿ ನೀಡುತ್ತಿದ್ದಾರೆ. ಕಲಾಸಕ್ತರು ಇವರ ಚಿತ್ರಗಳನ್ನು ವೀಕ್ಷಿಸಿ ಪ್ರೋತ್ಸಾಹಿಸಬೇಕಿದೆ.
ನಾವು ಕಣ್ಣಾರೆ ನೋಡುವ ದೃಶ್ಯಗಳನ್ನು ಕಾಗದದ ಮೇಲೆ ಮೂಡಿಸುವ ಕಲೆ ಇವರಿಗೆ ಸಿದ್ಧಿಸಿದೆ. ಹಳ್ಳಿಯ ಮನೆಗಳು, ಮರಗಳು, ಕಲ್ಲಿನ ರಥ, ಹಂಪಿಯ ಸ್ಮಾರಕಗಳು ಇವರ ಚಿತ್ರಗಳಲ್ಲಿ ಕಾಣಸಿಗುತ್ತವೆ. ಯುವ ಕಲಾವಿದರಿಗೆ ಮಾರ್ಗದರ್ಶನ ನೀಡುತ್ತಾ ಕಲಾ ಸೇವೆಯಲ್ಲಿ ತೊಡಗಿಸಿಕೊಂಡಿದ್ದಾರೆ.
ಕಲಾ ಕ್ಷೇತ್ರದಲ್ಲಿ ಇವರ ಸಾಧನೆಯನ್ನು ಗುರುತಿಸಿ ಅನೇಕ ಸಂಘ ಸಂಸ್ಥೆಗಳು ಸನ್ಮಾನಿಸಿವೆ. ಜಲವರ್ಣ ಚಿತ್ರಕಲೆಯನ್ನು ಕಲಿಯಲು ಬಯಸುವವರಿಗೆ ಇವರು ಉಚಿತವಾಗಿ ತರಬೇತಿ ನೀಡುತ್ತಿದ್ದಾರೆ. ಕಲಾಸಕ್ತರು ಇವರ ಚಿತ್ರಗಳನ್ನು ವೀಕ್ಷಿಸಿ ಪ್ರೋತ್ಸಾಹಿಸಬೇಕಿದೆ.
ಸಂಪರ್ಕ:
Printed by T.S. Gopinath, Published by M. Govinde Gowda on behalf of Academy Newspapers Private Limited, 15-C Industrial 'A' Layout, Bannimantap, Mysore-570 015 and Printed at Academy News papers Private Limited, 15-C Industrial 'A' Layout, Bannimantap, Mysore-570 015 and Published at 15-C Industrial 'A' Layout, Bannimantap, Mysore-570 015, Editor: M. Govinde Gowda Ph: 2496520 / 2496521 / 2496526 / 2496527 / 2496528. Fax: 0821-2496525. CITY OFFICES: Visveswaraya Building, III Floor, K.R. CIRCLE, MYSORE-570 001, Ph: 2431774 and No. 114, D. DEVARAJ URS ROAD (Opposite Big Bus), MYSORE-570 001. Ph: 2428695. RNI Reg. No. 36581 / 1980 E-mail address: news@mysurumithra.com For advertisements: ad@mysurumithra.com www.mysurumithra.com
